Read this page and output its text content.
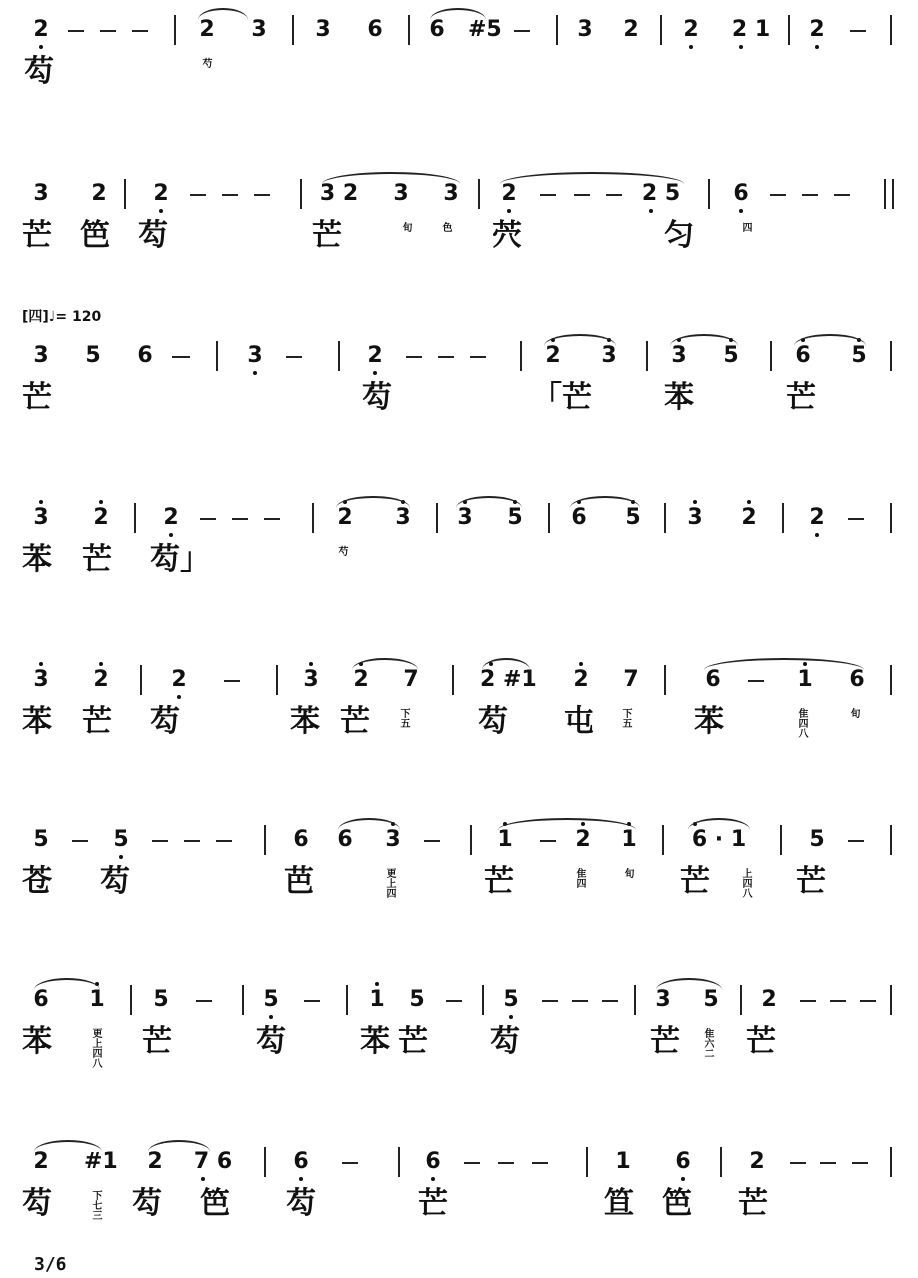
2	2 3 3 6 6 #5	3 2 2 2 1 2
芶	芍
3 2 2	3 2 3 3 2	2 5 6
芒 笆 芶	芒	旬	色 茓	匀	四
3 5 6	3	2	2 3 3 5	6 5
芒	芶	「芒 苯	芒
3 2 2	2 3 3 5 6 5 3 2 2
苯 芒 芶」	芍
3 2	2	3 2 7	2 #1 2 7	6	1 6
苯 芒 芶	苯 芒	下五 芶 屯	下五 苯	隹四八	旬
5	5	6 6 3	1	2 1	6 · 1	5
苍 芶	芭	更上四	芒	隹四	旬 芒	上四八 芒
6 1 5	5	1 5	5	3 5 2
苯	更上四八 芒	芶 苯 芒 芶	芒 隹六二 芒
2 #1 2 7 6	6	6	1 6	2
芶	下七三 芶 笆 芶	芒	笪 笆 芒
[四]♩= 120
3/6
